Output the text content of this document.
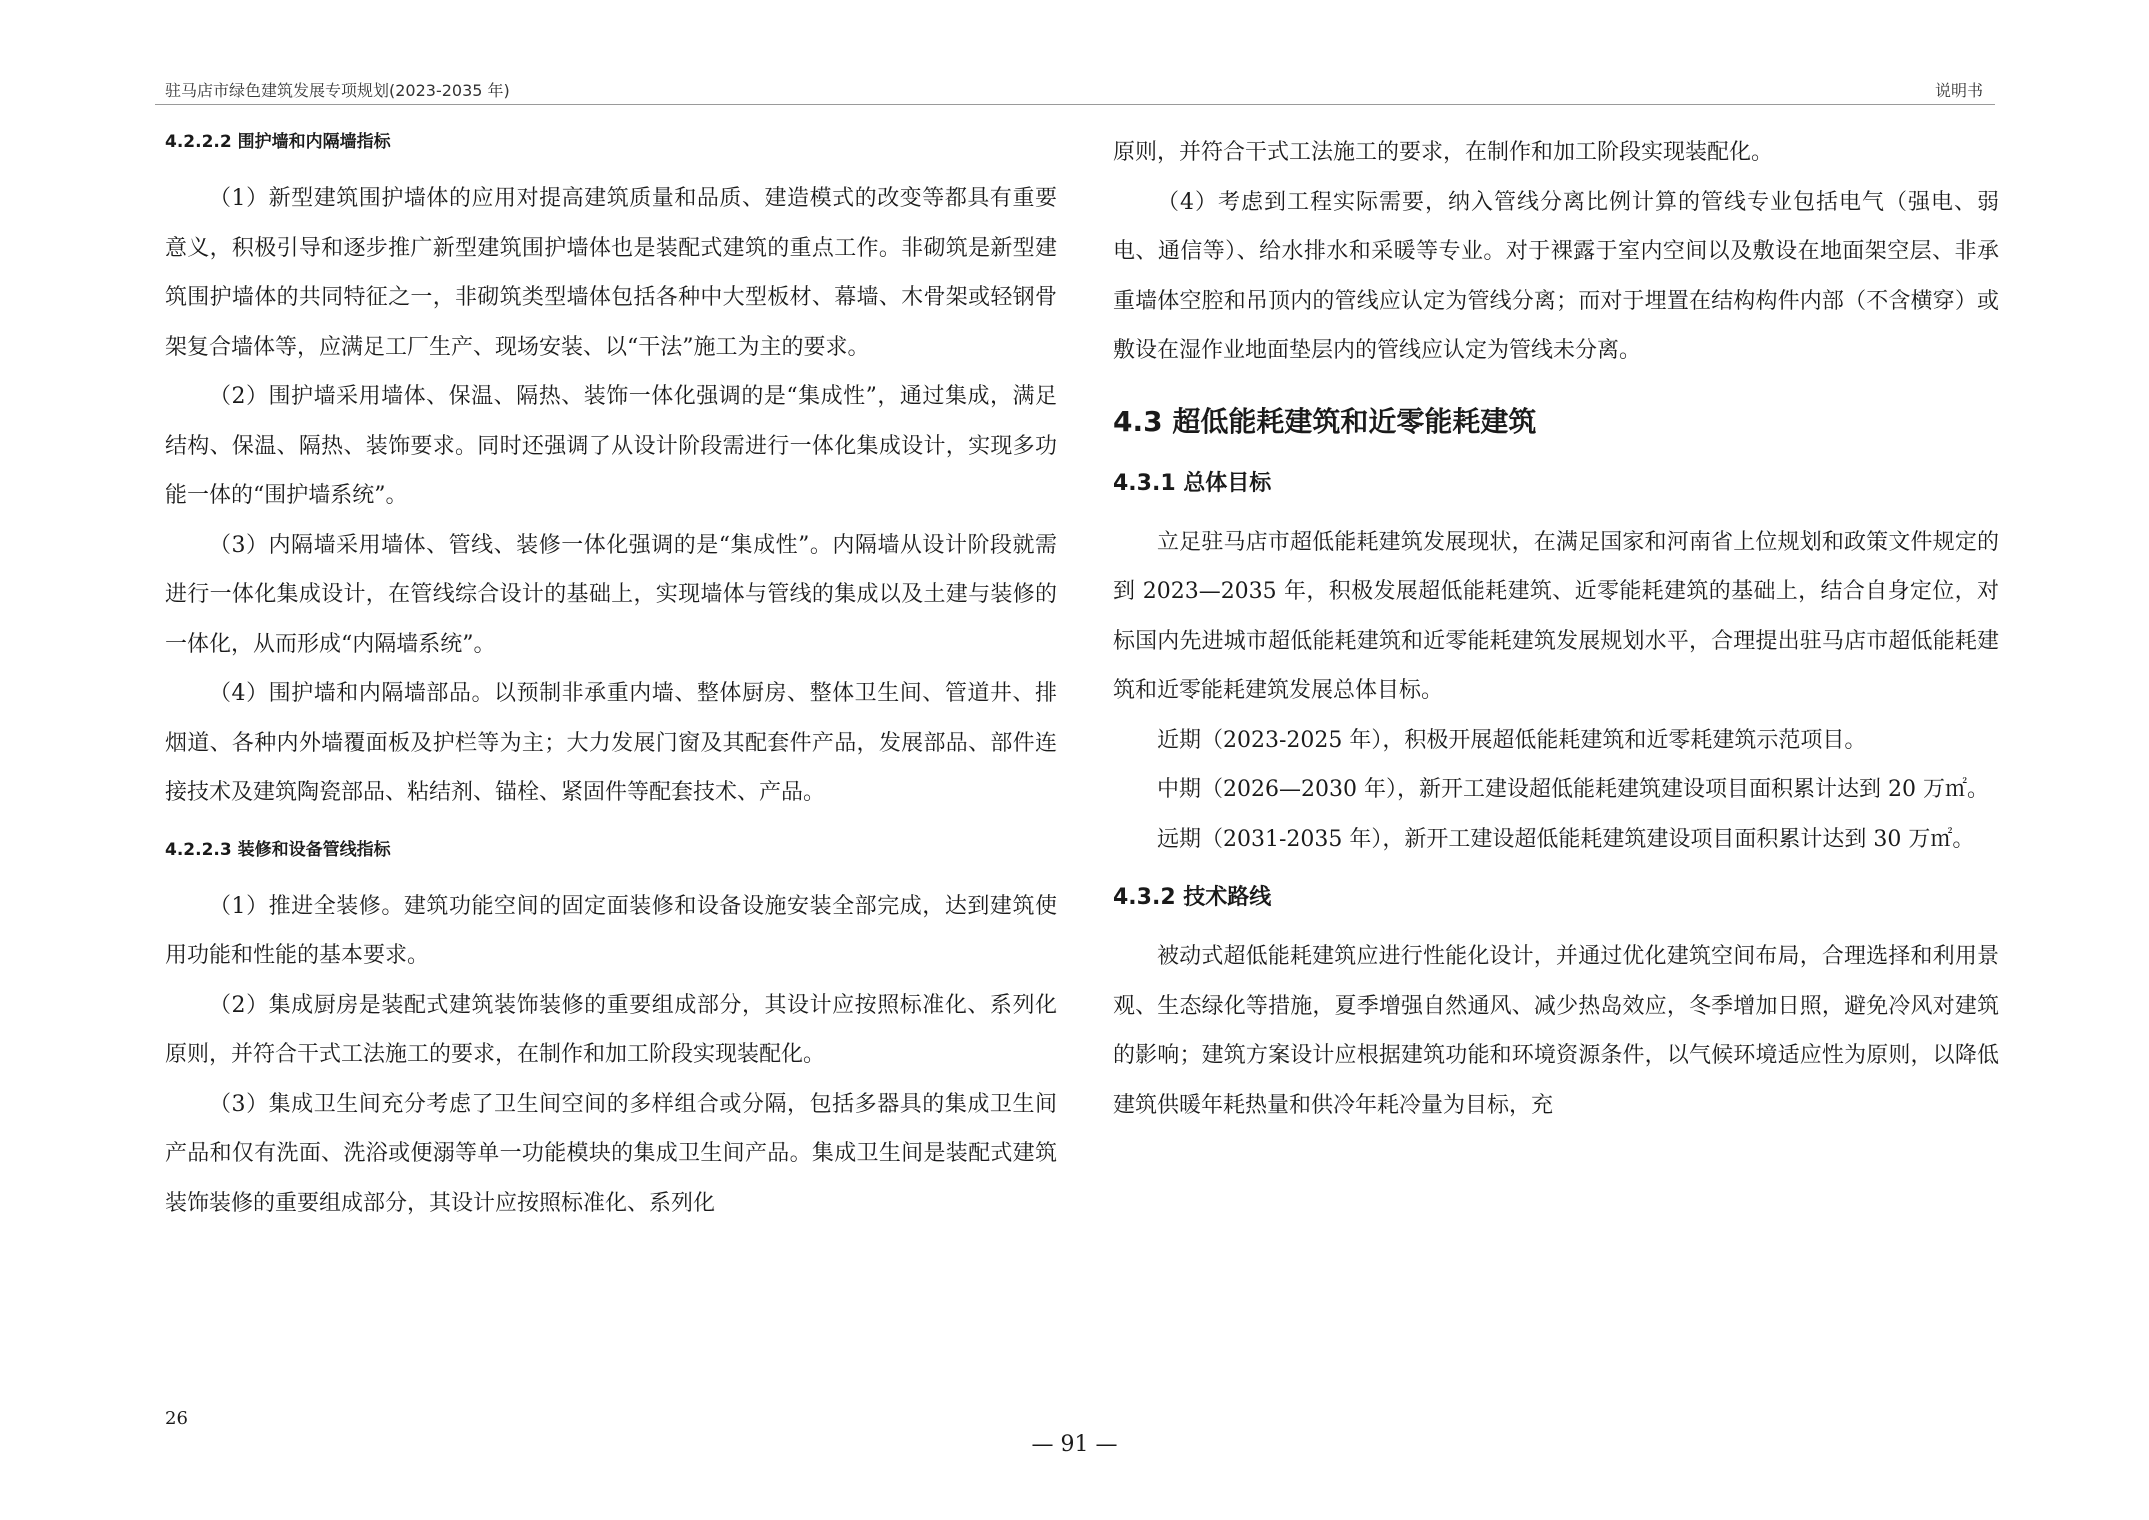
驻马店市绿色建筑发展专项规划(2023-2035 年)	说明书
4.2.2.2 围护墙和内隔墙指标

（1）新型建筑围护墙体的应用对提高建筑质量和品质、建造模式的改变等都具有重要意义，积极引导和逐步推广新型建筑围护墙体也是装配式建筑的重点工作。非砌筑是新型建筑围护墙体的共同特征之一，非砌筑类型墙体包括各种中大型板材、幕墙、木骨架或轻钢骨架复合墙体等，应满足工厂生产、现场安装、以“干法”施工为主的要求。

（2）围护墙采用墙体、保温、隔热、装饰一体化强调的是“集成性”，通过集成，满足结构、保温、隔热、装饰要求。同时还强调了从设计阶段需进行一体化集成设计，实现多功能一体的“围护墙系统”。

（3）内隔墙采用墙体、管线、装修一体化强调的是“集成性”。内隔墙从设计阶段就需进行一体化集成设计，在管线综合设计的基础上，实现墙体与管线的集成以及土建与装修的一体化，从而形成“内隔墙系统”。

（4）围护墙和内隔墙部品。以预制非承重内墙、整体厨房、整体卫生间、管道井、排烟道、各种内外墙覆面板及护栏等为主；大力发展门窗及其配套件产品，发展部品、部件连接技术及建筑陶瓷部品、粘结剂、锚栓、紧固件等配套技术、产品。

4.2.2.3 装修和设备管线指标

（1）推进全装修。建筑功能空间的固定面装修和设备设施安装全部完成，达到建筑使用功能和性能的基本要求。

（2）集成厨房是装配式建筑装饰装修的重要组成部分，其设计应按照标准化、系列化原则，并符合干式工法施工的要求，在制作和加工阶段实现装配化。

（3）集成卫生间充分考虑了卫生间空间的多样组合或分隔，包括多器具的集成卫生间产品和仅有洗面、洗浴或便溺等单一功能模块的集成卫生间产品。集成卫生间是装配式建筑装饰装修的重要组成部分，其设计应按照标准化、系列化

原则，并符合干式工法施工的要求，在制作和加工阶段实现装配化。

（4）考虑到工程实际需要，纳入管线分离比例计算的管线专业包括电气（强电、弱电、通信等）、给水排水和采暖等专业。对于裸露于室内空间以及敷设在地面架空层、非承重墙体空腔和吊顶内的管线应认定为管线分离；而对于埋置在结构构件内部（不含横穿）或敷设在湿作业地面垫层内的管线应认定为管线未分离。

4.3 超低能耗建筑和近零能耗建筑
4.3.1 总体目标

立足驻马店市超低能耗建筑发展现状，在满足国家和河南省上位规划和政策文件规定的到 2023—2035 年，积极发展超低能耗建筑、近零能耗建筑的基础上，结合自身定位，对标国内先进城市超低能耗建筑和近零能耗建筑发展规划水平，合理提出驻马店市超低能耗建筑和近零能耗建筑发展总体目标。

近期（2023-2025 年），积极开展超低能耗建筑和近零耗建筑示范项目。

中期（2026—2030 年），新开工建设超低能耗建筑建设项目面积累计达到 20 万㎡。

远期（2031-2035 年），新开工建设超低能耗建筑建设项目面积累计达到 30 万㎡。

4.3.2 技术路线

被动式超低能耗建筑应进行性能化设计，并通过优化建筑空间布局，合理选择和利用景观、生态绿化等措施，夏季增强自然通风、减少热岛效应，冬季增加日照，避免冷风对建筑的影响；建筑方案设计应根据建筑功能和环境资源条件，以气候环境适应性为原则，以降低建筑供暖年耗热量和供冷年耗冷量为目标，充

26
— 91 —
